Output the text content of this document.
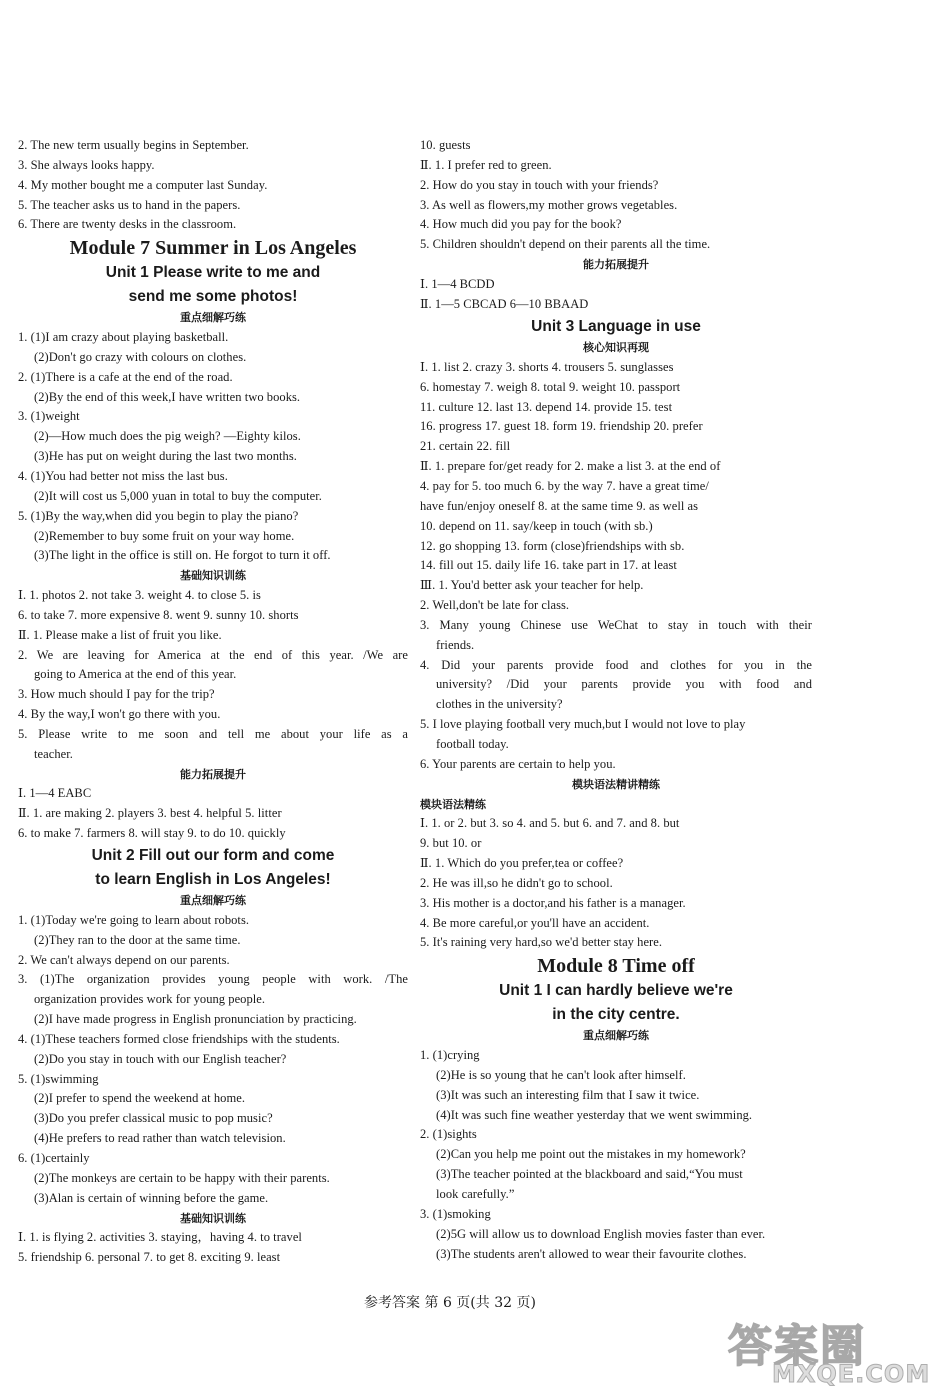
2. The new term usually begins in September.
3. She always looks happy.
4. My mother bought me a computer last Sunday.
5. The teacher asks us to hand in the papers.
6. There are twenty desks in the classroom.
Module 7 Summer in Los Angeles
Unit 1 Please write to me and
send me some photos!
重点细解巧练
1. (1)I am crazy about playing basketball.
(2)Don't go crazy with colours on clothes.
2. (1)There is a cafe at the end of the road.
(2)By the end of this week,I have written two books.
3. (1)weight
(2)—How much does the pig weigh? —Eighty kilos.
(3)He has put on weight during the last two months.
4. (1)You had better not miss the last bus.
(2)It will cost us 5,000 yuan in total to buy the computer.
5. (1)By the way,when did you begin to play the piano?
(2)Remember to buy some fruit on your way home.
(3)The light in the office is still on. He forgot to turn it off.
基础知识训练
Ⅰ. 1. photos 2. not take 3. weight 4. to close 5. is
6. to take 7. more expensive 8. went 9. sunny 10. shorts
Ⅱ. 1. Please make a list of fruit you like.
2. We are leaving for America at the end of this year. /We are
going to America at the end of this year.
3. How much should I pay for the trip?
4. By the way,I won't go there with you.
5. Please write to me soon and tell me about your life as a
teacher.
能力拓展提升
Ⅰ. 1—4 EABC
Ⅱ. 1. are making 2. players 3. best 4. helpful 5. litter
6. to make 7. farmers 8. will stay 9. to do 10. quickly
Unit 2 Fill out our form and come
to learn English in Los Angeles!
重点细解巧练
1. (1)Today we're going to learn about robots.
(2)They ran to the door at the same time.
2. We can't always depend on our parents.
3. (1)The organization provides young people with work. /The
organization provides work for young people.
(2)I have made progress in English pronunciation by practicing.
4. (1)These teachers formed close friendships with the students.
(2)Do you stay in touch with our English teacher?
5. (1)swimming
(2)I prefer to spend the weekend at home.
(3)Do you prefer classical music to pop music?
(4)He prefers to read rather than watch television.
6. (1)certainly
(2)The monkeys are certain to be happy with their parents.
(3)Alan is certain of winning before the game.
基础知识训练
Ⅰ. 1. is flying 2. activities 3. staying，having 4. to travel
5. friendship 6. personal 7. to get 8. exciting 9. least
10. guests
Ⅱ. 1. I prefer red to green.
2. How do you stay in touch with your friends?
3. As well as flowers,my mother grows vegetables.
4. How much did you pay for the book?
5. Children shouldn't depend on their parents all the time.
能力拓展提升
Ⅰ. 1—4 BCDD
Ⅱ. 1—5 CBCAD 6—10 BBAAD
Unit 3 Language in use
核心知识再现
Ⅰ. 1. list 2. crazy 3. shorts 4. trousers 5. sunglasses
6. homestay 7. weigh 8. total 9. weight 10. passport
11. culture 12. last 13. depend 14. provide 15. test
16. progress 17. guest 18. form 19. friendship 20. prefer
21. certain 22. fill
Ⅱ. 1. prepare for/get ready for 2. make a list 3. at the end of
4. pay for 5. too much 6. by the way 7. have a great time/
have fun/enjoy oneself 8. at the same time 9. as well as
10. depend on 11. say/keep in touch (with sb.)
12. go shopping 13. form (close)friendships with sb.
14. fill out 15. daily life 16. take part in 17. at least
Ⅲ. 1. You'd better ask your teacher for help.
2. Well,don't be late for class.
3. Many young Chinese use WeChat to stay in touch with their
friends.
4. Did your parents provide food and clothes for you in the
university? /Did your parents provide you with food and
clothes in the university?
5. I love playing football very much,but I would not love to play
football today.
6. Your parents are certain to help you.
模块语法精讲精练
模块语法精练
Ⅰ. 1. or 2. but 3. so 4. and 5. but 6. and 7. and 8. but
9. but 10. or
Ⅱ. 1. Which do you prefer,tea or coffee?
2. He was ill,so he didn't go to school.
3. His mother is a doctor,and his father is a manager.
4. Be more careful,or you'll have an accident.
5. It's raining very hard,so we'd better stay here.
Module 8 Time off
Unit 1 I can hardly believe we're
in the city centre.
重点细解巧练
1. (1)crying
(2)He is so young that he can't look after himself.
(3)It was such an interesting film that I saw it twice.
(4)It was such fine weather yesterday that we went swimming.
2. (1)sights
(2)Can you help me point out the mistakes in my homework?
(3)The teacher pointed at the blackboard and said,“You must
look carefully.”
3. (1)smoking
(2)5G will allow us to download English movies faster than ever.
(3)The students aren't allowed to wear their favourite clothes.
参考答案 第 6 页(共 32 页)
答案圈
MXQE.COM
